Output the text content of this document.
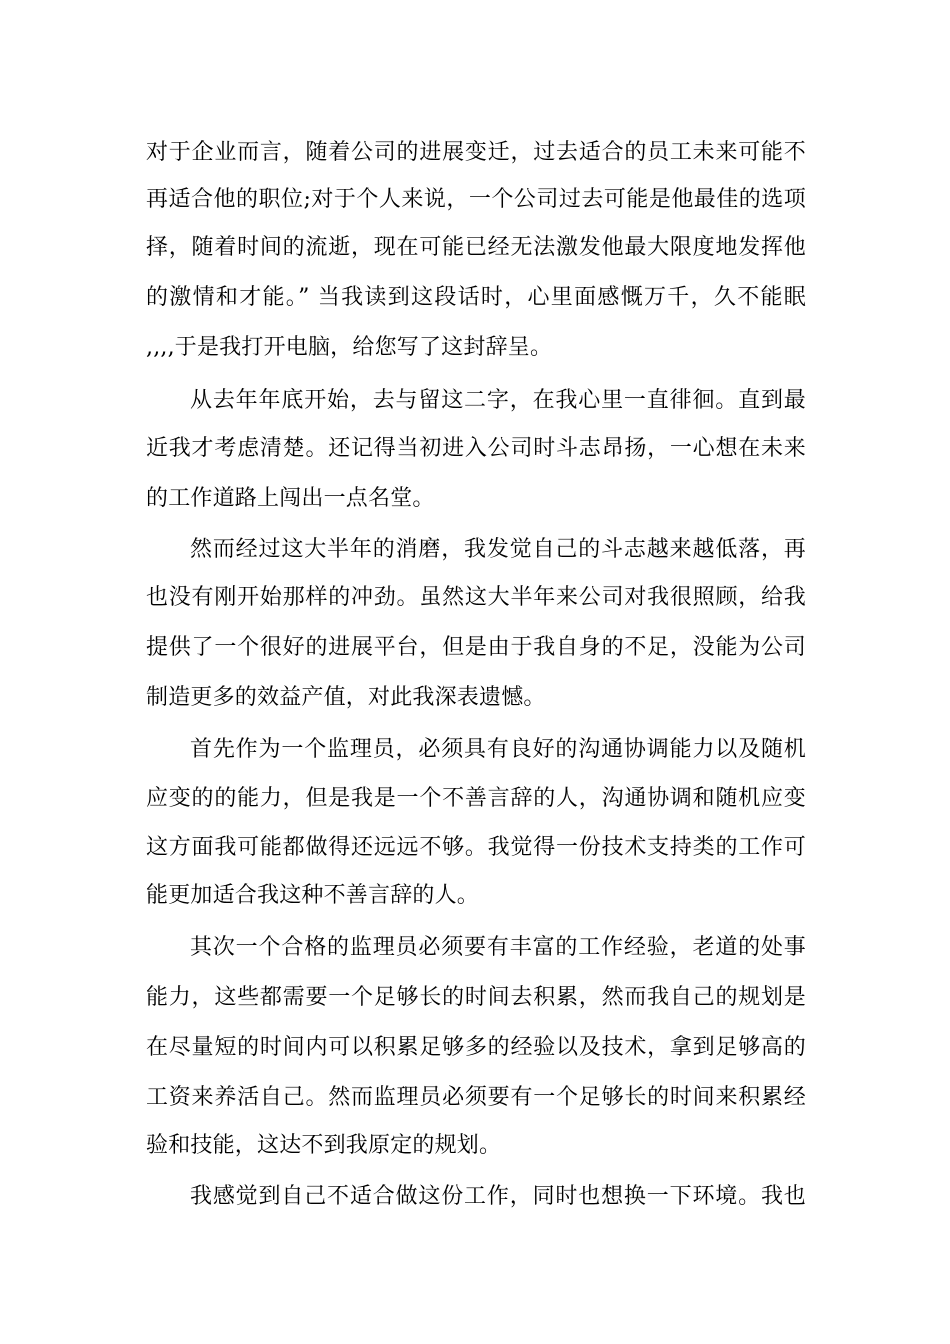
对于企业而言，随着公司的进展变迁，过去适合的员工未来可能不
再适合他的职位;对于个人来说，一个公司过去可能是他最佳的选项
择，随着时间的流逝，现在可能已经无法激发他最大限度地发挥他
的激情和才能。” 当我读到这段话时，心里面感慨万千，久不能眠
,,,,于是我打开电脑，给您写了这封辞呈。
从去年年底开始，去与留这二字，在我心里一直徘徊。直到最
近我才考虑清楚。还记得当初进入公司时斗志昂扬，一心想在未来
的工作道路上闯出一点名堂。
然而经过这大半年的消磨，我发觉自己的斗志越来越低落，再
也没有刚开始那样的冲劲。虽然这大半年来公司对我很照顾，给我
提供了一个很好的进展平台，但是由于我自身的不足，没能为公司
制造更多的效益产值，对此我深表遗憾。
首先作为一个监理员，必须具有良好的沟通协调能力以及随机
应变的的能力，但是我是一个不善言辞的人，沟通协调和随机应变
这方面我可能都做得还远远不够。我觉得一份技术支持类的工作可
能更加适合我这种不善言辞的人。
其次一个合格的监理员必须要有丰富的工作经验，老道的处事
能力，这些都需要一个足够长的时间去积累，然而我自己的规划是
在尽量短的时间内可以积累足够多的经验以及技术，拿到足够高的
工资来养活自己。然而监理员必须要有一个足够长的时间来积累经
验和技能，这达不到我原定的规划。
我感觉到自己不适合做这份工作，同时也想换一下环境。我也
